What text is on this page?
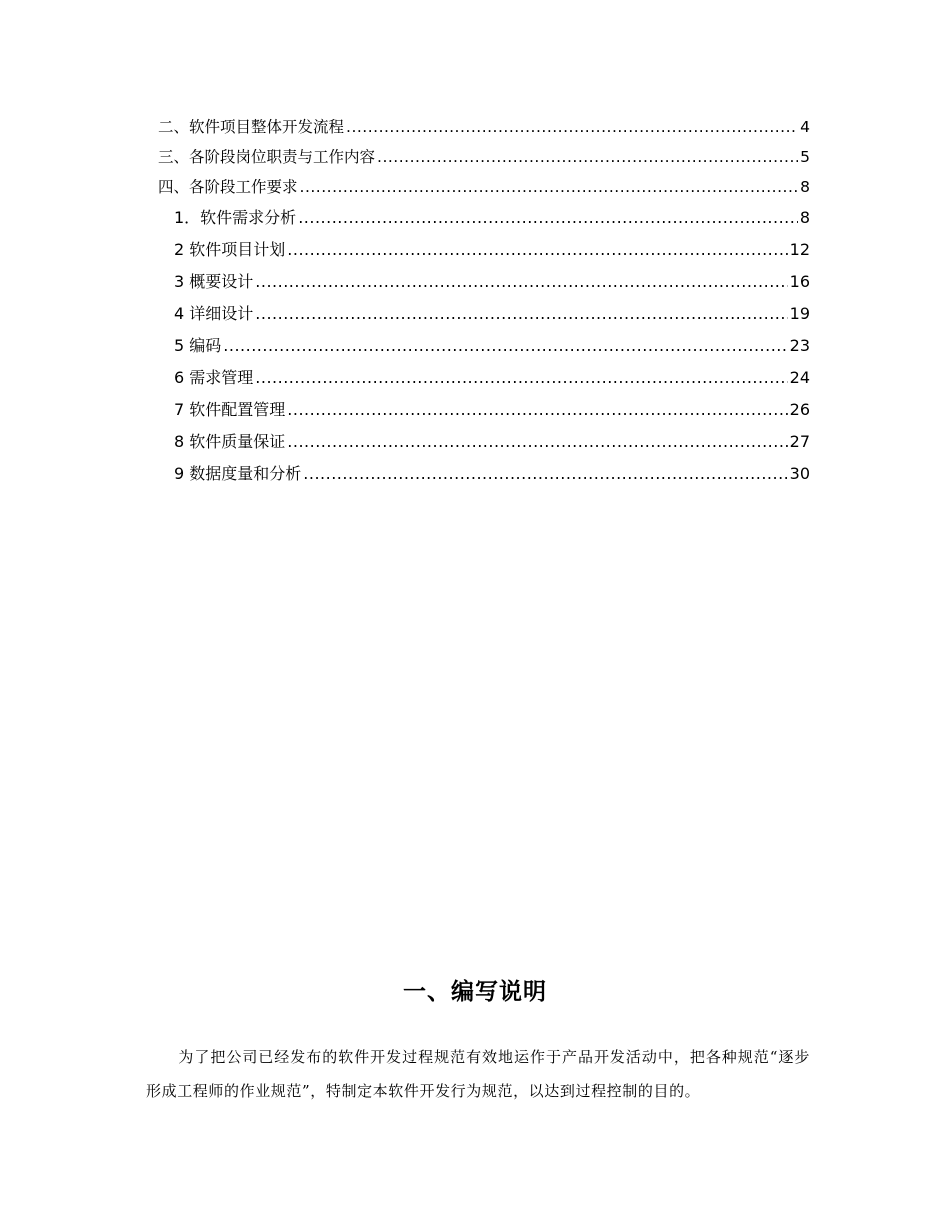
二、软件项目整体开发流程 .....	4
三、各阶段岗位职责与工作内容 .....	5
四、各阶段工作要求 .....	8
1．软件需求分析 .....	8
2 软件项目计划 .....	12
3 概要设计 .....	16
4 详细设计 .....	19
5 编码 .....	23
6 需求管理 .....	24
7 软件配置管理 .....	26
8 软件质量保证 .....	27
9 数据度量和分析 .....	30
一、编写说明

为了把公司已经发布的软件开发过程规范有效地运作于产品开发活动中，把各种规范“逐步形成工程师的作业规范”，特制定本软件开发行为规范，以达到过程控制的目的。
